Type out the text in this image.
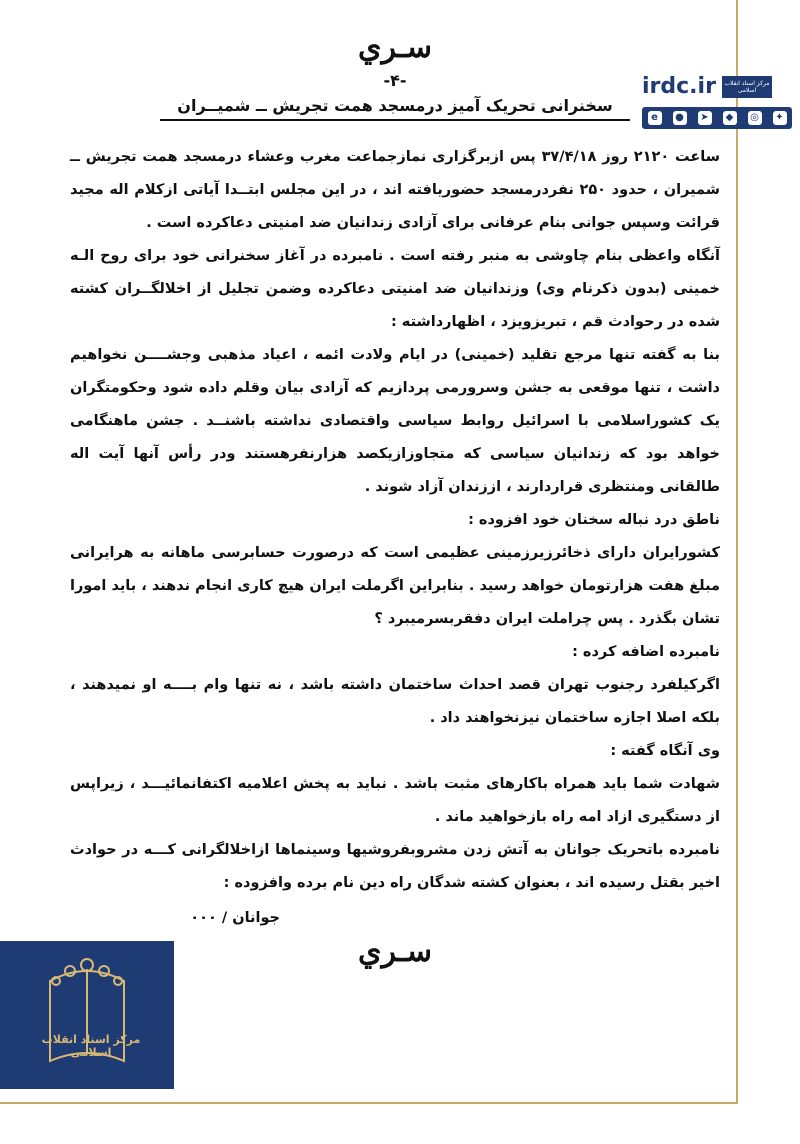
سـري
-۴-
سخنرانی تحریک آمیز درمسجد همت تجریش ــ شمیــران

ساعت ۲۱۲۰ روز ۳۷/۴/۱۸ پس ازبرگزاری نمازجماعت مغرب وعشاء درمسجد همت تجریش ــ شمیران ، حدود ۲۵۰ نفردرمسجد حضوریافته اند ، در این مجلس ابتــدا آیاتی ازکلام اله مجید قرائت وسپس جوانی بنام عرفانی برای آزادی زندانیان ضد امنیتی دعاکرده است .

آنگاه واعظی بنام چاوشی به منبر رفته است . نامبرده در آغاز سخنرانی خود برای روح الـه خمینی (بدون ذکرنام وی) وزندانیان ضد امنیتی دعاکرده وضمن تجلیل از اخلالگــران کشته شده در رحوادث قم ، تبریزویزد ، اظهارداشته :

بنا به گفته تنها مرجع تقلید (خمینی) در ایام ولادت ائمه ، اعیاد مذهبی وجشــــن نخواهیم داشت ، تنها موقعی به جشن وسرورمی پردازیم که آزادی بیان وقلم داده شود وحکومتگران یک کشوراسلامی با اسرائیل روابط سیاسی واقتصادی نداشته باشنــد . جشن ماهنگامی خواهد بود که زندانیان سیاسی که متجاوزازیکصد هزارنفرهستند ودر رأس آنها آیت اله طالقانی ومنتظری قراردارند ، اززندان آزاد شوند .

ناطق درد نباله سخنان خود افزوده :

کشورایران دارای ذخائرزیرزمینی عظیمی است که درصورت حسابرسی ماهانه به هرایرانی مبلغ هفت هزارتومان خواهد رسید . بنابراین اگرملت ایران هیچ کاری انجام ندهند ، باید امورا تشان بگذرد . پس چراملت ایران دفقربسرمیبرد ؟

نامبرده اضافه کرده :

اگرکیلفرد رجنوب تهران قصد احداث ساختمان داشته باشد ، نه تنها وام بــــه او نمیدهند ، بلکه اصلا اجازه ساختمان نیزنخواهند داد .

وی آنگاه گفته :

شهادت شما باید همراه باکارهای مثبت باشد . نباید به پخش اعلامیه اکتفانمائیـــد ، زیراپس از دستگیری ازاد امه راه بازخواهید ماند .

نامبرده باتحریک جوانان به آتش زدن مشروبفروشیها وسینماها ازاخلالگرانی کـــه در حوادث اخیر بقتل رسیده اند ، بعنوان کشته شدگان راه دین نام برده وافزوده :

جوانان / ۰۰۰
سـري
irdc.ir	مرکز اسناد انقلاب اسلامی
e	● ➤	◆	◎ ✦
مرکز اسناد انقلاب اسلامی
